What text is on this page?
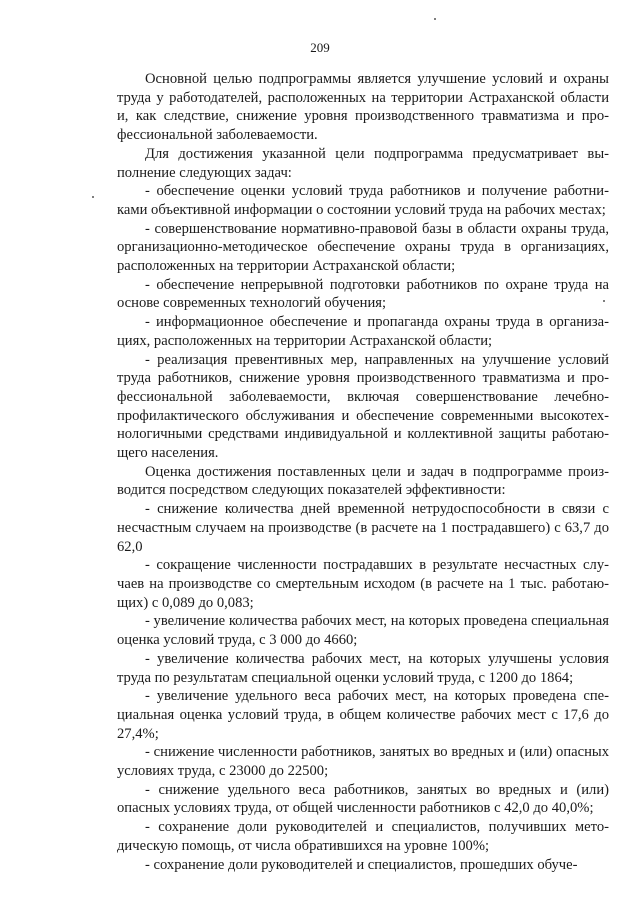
209

Основной целью подпрограммы является улучшение условий и охраны труда у работодателей, расположенных на территории Астраханской области и, как следствие, снижение уровня производственного травматизма и профессиональной заболеваемости.

Для достижения указанной цели подпрограмма предусматривает выполнение следующих задач:

- обеспечение оценки условий труда работников и получение работниками объективной информации о состоянии условий труда на рабочих местах;

- совершенствование нормативно-правовой базы в области охраны труда, организационно-методическое обеспечение охраны труда в организациях, расположенных на территории Астраханской области;

- обеспечение непрерывной подготовки работников по охране труда на основе современных технологий обучения;

- информационное обеспечение и пропаганда охраны труда в организациях, расположенных на территории Астраханской области;

- реализация превентивных мер, направленных на улучшение условий труда работников, снижение уровня производственного травматизма и профессиональной заболеваемости, включая совершенствование лечебно-профилактического обслуживания и обеспечение современными высокотехнологичными средствами индивидуальной и коллективной защиты работающего населения.

Оценка достижения поставленных цели и задач в подпрограмме производится посредством следующих показателей эффективности:

- снижение количества дней временной нетрудоспособности в связи с несчастным случаем на производстве (в расчете на 1 пострадавшего) с 63,7 до 62,0

- сокращение численности пострадавших в результате несчастных случаев на производстве со смертельным исходом (в расчете на 1 тыс. работающих) с 0,089 до 0,083;

- увеличение количества рабочих мест, на которых проведена специальная оценка условий труда, с 3 000 до 4660;

- увеличение количества рабочих мест, на которых улучшены условия труда по результатам специальной оценки условий труда, с 1200 до 1864;

- увеличение удельного веса рабочих мест, на которых проведена специальная оценка условий труда, в общем количестве рабочих мест с 17,6 до 27,4%;

- снижение численности работников, занятых во вредных и (или) опасных условиях труда, с 23000 до 22500;

- снижение удельного веса работников, занятых во вредных и (или) опасных условиях труда, от общей численности работников с 42,0 до 40,0%;

- сохранение доли руководителей и специалистов, получивших методическую помощь, от числа обратившихся на уровне 100%;

- сохранение доли руководителей и специалистов, прошедших обуче-
